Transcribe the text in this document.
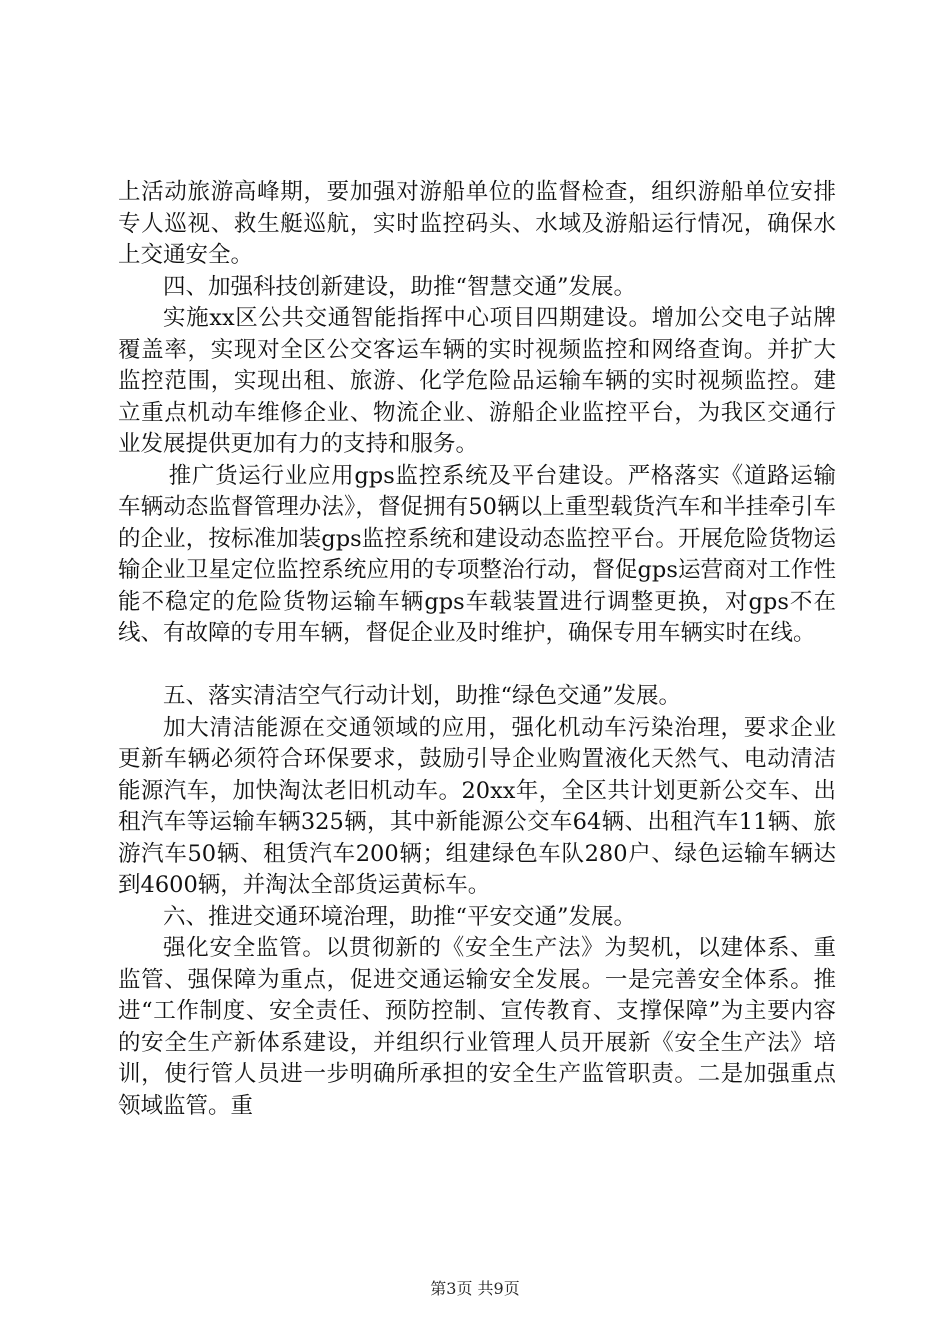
上活动旅游高峰期，要加强对游船单位的监督检查，组织游船单位安排专人巡视、救生艇巡航，实时监控码头、水域及游船运行情况，确保水上交通安全。

四、加强科技创新建设，助推“智慧交通”发展。

实施xx区公共交通智能指挥中心项目四期建设。增加公交电子站牌覆盖率，实现对全区公交客运车辆的实时视频监控和网络查询。并扩大监控范围，实现出租、旅游、化学危险品运输车辆的实时视频监控。建立重点机动车维修企业、物流企业、游船企业监控平台，为我区交通行业发展提供更加有力的支持和服务。

推广货运行业应用gps监控系统及平台建设。严格落实《道路运输车辆动态监督管理办法》，督促拥有50辆以上重型载货汽车和半挂牵引车的企业，按标准加装gps监控系统和建设动态监控平台。开展危险货物运输企业卫星定位监控系统应用的专项整治行动，督促gps运营商对工作性能不稳定的危险货物运输车辆gps车载装置进行调整更换，对gps不在线、有故障的专用车辆，督促企业及时维护，确保专用车辆实时在线。

五、落实清洁空气行动计划，助推“绿色交通”发展。

加大清洁能源在交通领域的应用，强化机动车污染治理，要求企业更新车辆必须符合环保要求，鼓励引导企业购置液化天然气、电动清洁能源汽车，加快淘汰老旧机动车。20xx年，全区共计划更新公交车、出租汽车等运输车辆325辆，其中新能源公交车64辆、出租汽车11辆、旅游汽车50辆、租赁汽车200辆；组建绿色车队280户、绿色运输车辆达到4600辆，并淘汰全部货运黄标车。

六、推进交通环境治理，助推“平安交通”发展。

强化安全监管。以贯彻新的《安全生产法》为契机，以建体系、重监管、强保障为重点，促进交通运输安全发展。一是完善安全体系。推进“工作制度、安全责任、预防控制、宣传教育、支撑保障”为主要内容的安全生产新体系建设，并组织行业管理人员开展新《安全生产法》培训，使行管人员进一步明确所承担的安全生产监管职责。二是加强重点领域监管。重

第3页 共9页
